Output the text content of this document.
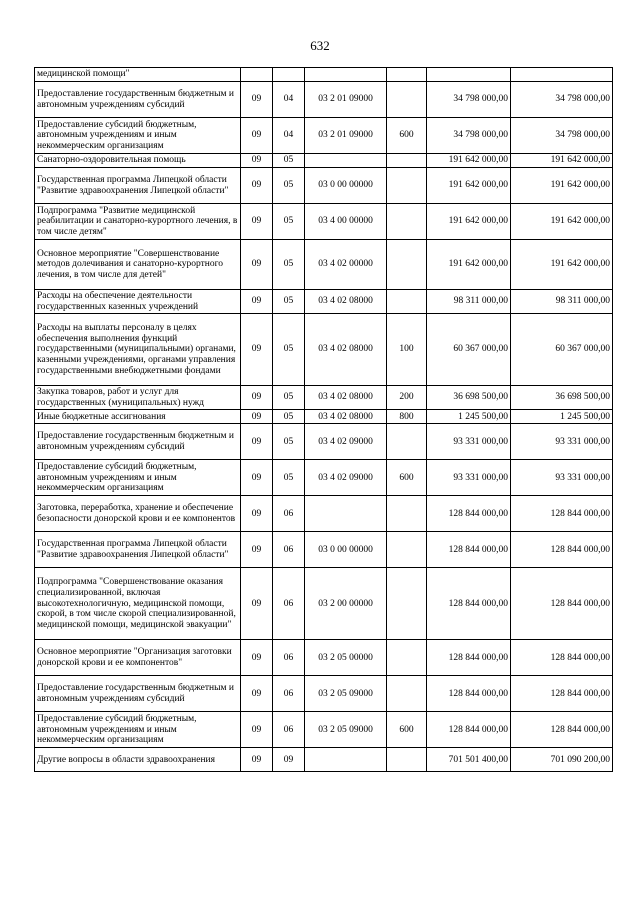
632
медицинской помощи"						
Предоставление государственным бюджетным и автономным учреждениям субсидий	09	04	03 2 01 09000		34 798 000,00	34 798 000,00
Предоставление субсидий бюджетным, автономным учреждениям и иным некоммерческим организациям	09	04	03 2 01 09000	600	34 798 000,00	34 798 000,00
Санаторно-оздоровительная помощь	09	05			191 642 000,00	191 642 000,00
Государственная программа Липецкой области "Развитие здравоохранения Липецкой области"	09	05	03 0 00 00000		191 642 000,00	191 642 000,00
Подпрограмма "Развитие медицинской реабилитации и санаторно-курортного лечения, в том числе детям"	09	05	03 4 00 00000		191 642 000,00	191 642 000,00
Основное мероприятие "Совершенствование методов долечивания и санаторно-курортного лечения, в том числе для детей"	09	05	03 4 02 00000		191 642 000,00	191 642 000,00
Расходы на обеспечение деятельности государственных казенных учреждений	09	05	03 4 02 08000		98 311 000,00	98 311 000,00
Расходы на выплаты персоналу в целях обеспечения выполнения функций государственными (муниципальными) органами, казенными учреждениями, органами управления государственными внебюджетными фондами	09	05	03 4 02 08000	100	60 367 000,00	60 367 000,00
Закупка товаров, работ и услуг для государственных (муниципальных) нужд	09	05	03 4 02 08000	200	36 698 500,00	36 698 500,00
Иные бюджетные ассигнования	09	05	03 4 02 08000	800	1 245 500,00	1 245 500,00
Предоставление государственным бюджетным и автономным учреждениям субсидий	09	05	03 4 02 09000		93 331 000,00	93 331 000,00
Предоставление субсидий бюджетным, автономным учреждениям и иным некоммерческим организациям	09	05	03 4 02 09000	600	93 331 000,00	93 331 000,00
Заготовка, переработка, хранение и обеспечение безопасности донорской крови и ее компонентов	09	06			128 844 000,00	128 844 000,00
Государственная программа Липецкой области "Развитие здравоохранения Липецкой области"	09	06	03 0 00 00000		128 844 000,00	128 844 000,00
Подпрограмма "Совершенствование оказания специализированной, включая высокотехнологичную, медицинской помощи, скорой, в том числе скорой специализированной, медицинской помощи, медицинской эвакуации"	09	06	03 2 00 00000		128 844 000,00	128 844 000,00
Основное мероприятие "Организация заготовки донорской крови и ее компонентов"	09	06	03 2 05 00000		128 844 000,00	128 844 000,00
Предоставление государственным бюджетным и автономным учреждениям субсидий	09	06	03 2 05 09000		128 844 000,00	128 844 000,00
Предоставление субсидий бюджетным, автономным учреждениям и иным некоммерческим организациям	09	06	03 2 05 09000	600	128 844 000,00	128 844 000,00
Другие вопросы в области здравоохранения	09	09			701 501 400,00	701 090 200,00
